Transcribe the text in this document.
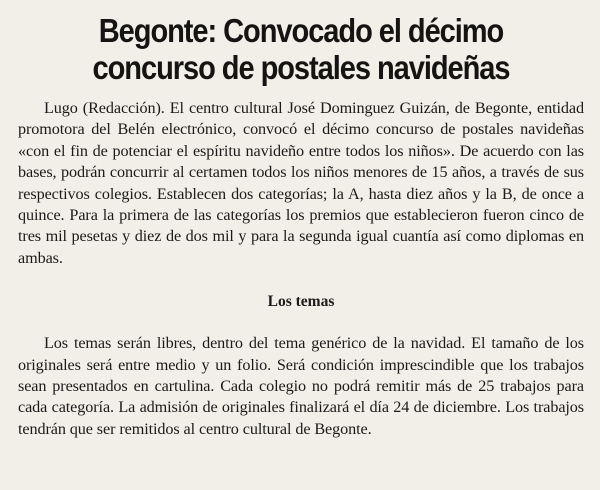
Begonte: Convocado el décimo concurso de postales navideñas

Lugo (Redacción). El centro cultural José Dominguez Guizán, de Begonte, entidad promotora del Belén electrónico, convocó el décimo concurso de postales navideñas «con el fin de potenciar el espíritu navideño entre todos los niños». De acuerdo con las bases, podrán concurrir al certamen todos los niños menores de 15 años, a través de sus respectivos colegios. Establecen dos categorías; la A, hasta diez años y la B, de once a quince. Para la primera de las categorías los premios que establecieron fueron cinco de tres mil pesetas y diez de dos mil y para la segunda igual cuantía así como diplomas en ambas.

Los temas

Los temas serán libres, dentro del tema genérico de la navidad. El tamaño de los originales será entre medio y un folio. Será condición imprescindible que los trabajos sean presentados en cartulina. Cada colegio no podrá remitir más de 25 trabajos para cada categoría. La admisión de originales finalizará el día 24 de diciembre. Los trabajos tendrán que ser remitidos al centro cultural de Begonte.
